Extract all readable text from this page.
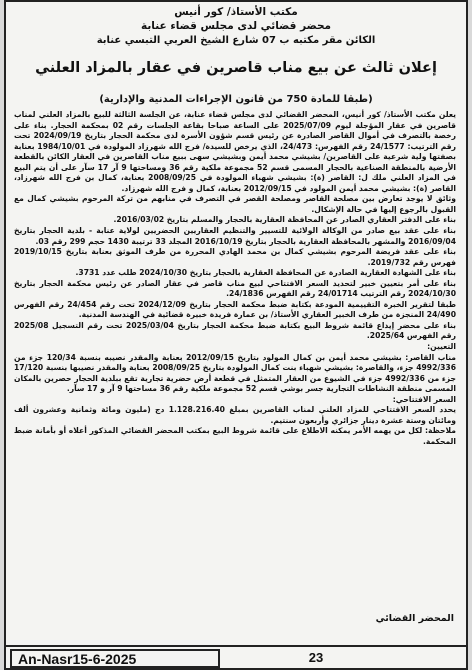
مكتب الأستاذ/ كور أنيس
محضر قضائي لدى مجلس قضاء عنابة
الكائن مقر مكتبه ب 07 شارع الشيخ العربي التبسي عنابة
إعلان ثالث عن بيع مناب قاصرين في عقار بالمزاد العلني
(طبقا للمادة 750 من قانون الإجراءات المدنية والإدارية)

يعلن مكتب الأستاذ/ كور أنيس، المحضر القضائي لدى مجلس قضاء عنابة، عن الجلسة الثالثة للبيع بالمزاد العلني لمناب قاصرين في عقار المؤجلة ليوم 2025/07/09 على الساعة صباحا بقاعة الجلسات رقم 02 بمحكمة الحجار. بناء على رخصة بالتصرف في أموال القاصر الصادرة عن رئيس قسم شؤون الأسرة لدى محكمة الحجار بتاريخ 2024/09/19 تحت رقم الترتيب: 24/1577 رقم الفهرس: 24/473، الذي يرخص للسيدة/ فرج الله شهرزاد المولودة في 1984/10/01 بعنابة بصفتها ولية شرعية على القاصرين/ بشيشي محمد أيمن وبشيشي سهى ببيع مناب القاصرين في العقار الكائن بالقطعة الأرضية بالمنطقة الصناعية بالحجار المسمى قسم 52 مجموعة ملكية رقم 36 ومساحتها 9 آر 17 سآر على أن يتم البيع في المزاد العلني ملك ل: القاصر (ة): بشيشي شهباء المولودة في 2008/09/25 بعنابة، كمال بن فرج الله شهرزاد، القاصر (ة): بشيشي محمد أيمن المولود في 2012/09/15 بعنابة، كمال و فرج الله شهرزاد.

وثائق لا يوجد تعارض بين مصلحة القاصر ومصلحة القصر في التصرف في منابهم من تركة المرحوم بشيشي كمال مع القبول بالرجوع إليها في حالة الإشكال.

بناء على الدفتر العقاري الصادر عن المحافظة العقارية بالحجار والمسلم بتاريخ 2016/03/02.

بناء على عقد بيع صادر من الوكالة الولائية للتسيير والتنظيم العقاريين الحضريين لولاية عنابة - بلدية الحجار بتاريخ 2016/09/04 والمشهر بالمحافظة العقارية بالحجار بتاريخ 2016/10/19 المجلد 33 ترتيبة 1430 حجم 299 رقم 03.

بناء على عقد فريضة المرحوم بشيشي كمال بن محمد الهادي المحررة من طرف الموثق بعنابة بتاريخ 2019/10/15 فهرس رقم 2019/732.

بناء على الشهادة العقارية الصادرة عن المحافظة العقارية بالحجار بتاريخ 2024/10/30 طلب عدد 3731.

بناء على أمر بتعيين خبير لتحديد السعر الافتتاحي لبيع مناب قاصر في عقار الصادر عن رئيس محكمة الحجار بتاريخ 2024/10/30 رقم الترتيب 24/01714 رقم الفهرس 24/1836.

طبقا لتقرير الخبرة التقييمية المودعة بكتابة ضبط محكمة الحجار بتاريخ 2024/12/09 تحت رقم 24/454 رقم الفهرس 24/490 المنجزة من طرف الخبير العقاري الأستاذ/ بن عمارة فريدة خبيرة قضائية في الهندسة المدنية.

بناء على محضر إيداع قائمة شروط البيع بكتابة ضبط محكمة الحجار بتاريخ 2025/03/04 تحت رقم التسجيل 2025/08 رقم الفهرس 2025/64.

التعيين:

مناب القاصر: بشيشي محمد أيمن بن كمال المولود بتاريخ 2012/09/15 بعنابة والمقدر نصيبه بنسبة 120/34 جزء من 4992/336 جزء، والقاصرة: بشيشي شهباء بنت كمال المولودة بتاريخ 2008/09/25 بعنابة والمقدر نصيبها بنسبة 17/120 جزء من 4992/336 جزء في الشيوع من العقار المتمثل في قطعة أرض حضرية تجارية تقع ببلدية الحجار حصرين بالمكان المسمى منطقة النشاطات التجارية جسر بوشي قسم 52 مجموعة ملكية رقم 36 مساحتها 9 آر و 17 سآر.

السعر الافتتاحي:

يحدد السعر الافتتاحي للمزاد العلني لمناب القاصرين بمبلغ 1.128.216.40 دج (مليون ومائة وثمانية وعشرون ألف ومائتان وستة عشرة دينار جزائري وأربعون سنتيم.

ملاحظة: لكل من يهمه الأمر يمكنه الاطلاع على قائمة شروط البيع بمكتب المحضر القضائي المذكور أعلاه أو بأمانة ضبط المحكمة.

المحضر القضائي
An-Nasr15-6-2025	23
